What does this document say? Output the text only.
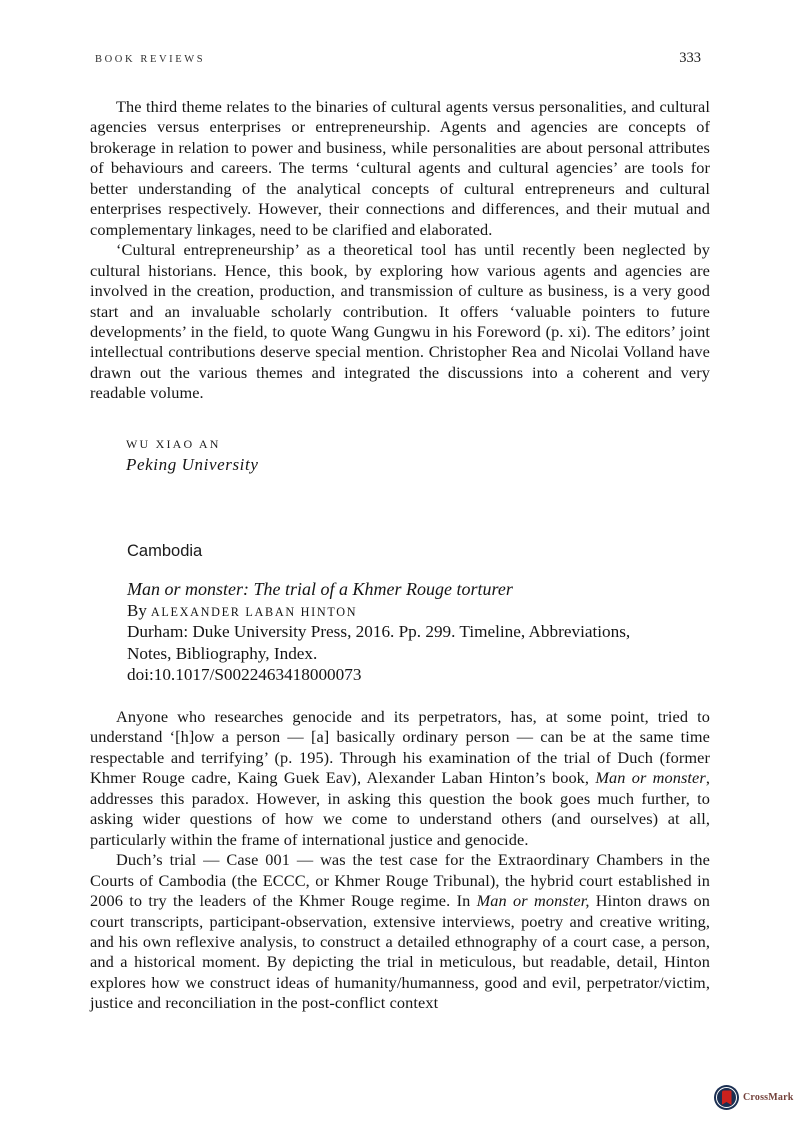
BOOK REVIEWS	333

The third theme relates to the binaries of cultural agents versus personalities, and cultural agencies versus enterprises or entrepreneurship. Agents and agencies are concepts of brokerage in relation to power and business, while personalities are about personal attributes of behaviours and careers. The terms ‘cultural agents and cultural agencies’ are tools for better understanding of the analytical concepts of cultural entrepreneurs and cultural enterprises respectively. However, their connections and differences, and their mutual and complementary linkages, need to be clarified and elaborated.

‘Cultural entrepreneurship’ as a theoretical tool has until recently been neglected by cultural historians. Hence, this book, by exploring how various agents and agencies are involved in the creation, production, and transmission of culture as business, is a very good start and an invaluable scholarly contribution. It offers ‘valuable pointers to future developments’ in the field, to quote Wang Gungwu in his Foreword (p. xi). The editors’ joint intellectual contributions deserve special mention. Christopher Rea and Nicolai Volland have drawn out the various themes and integrated the discussions into a coherent and very readable volume.

WU XIAO AN
Peking University
Cambodia

Man or monster: The trial of a Khmer Rouge torturer

By ALEXANDER LABAN HINTON

Durham: Duke University Press, 2016. Pp. 299. Timeline, Abbreviations,
Notes, Bibliography, Index.
doi:10.1017/S0022463418000073

Anyone who researches genocide and its perpetrators, has, at some point, tried to understand ‘[h]ow a person — [a] basically ordinary person — can be at the same time respectable and terrifying’ (p. 195). Through his examination of the trial of Duch (former Khmer Rouge cadre, Kaing Guek Eav), Alexander Laban Hinton’s book, Man or monster, addresses this paradox. However, in asking this question the book goes much further, to asking wider questions of how we come to understand others (and ourselves) at all, particularly within the frame of international justice and genocide.

Duch’s trial — Case 001 — was the test case for the Extraordinary Chambers in the Courts of Cambodia (the ECCC, or Khmer Rouge Tribunal), the hybrid court established in 2006 to try the leaders of the Khmer Rouge regime. In Man or monster, Hinton draws on court transcripts, participant-observation, extensive interviews, poetry and creative writing, and his own reflexive analysis, to construct a detailed ethnography of a court case, a person, and a historical moment. By depicting the trial in meticulous, but readable, detail, Hinton explores how we construct ideas of humanity/humanness, good and evil, perpetrator/victim, justice and reconciliation in the post-conflict context

CrossMark
